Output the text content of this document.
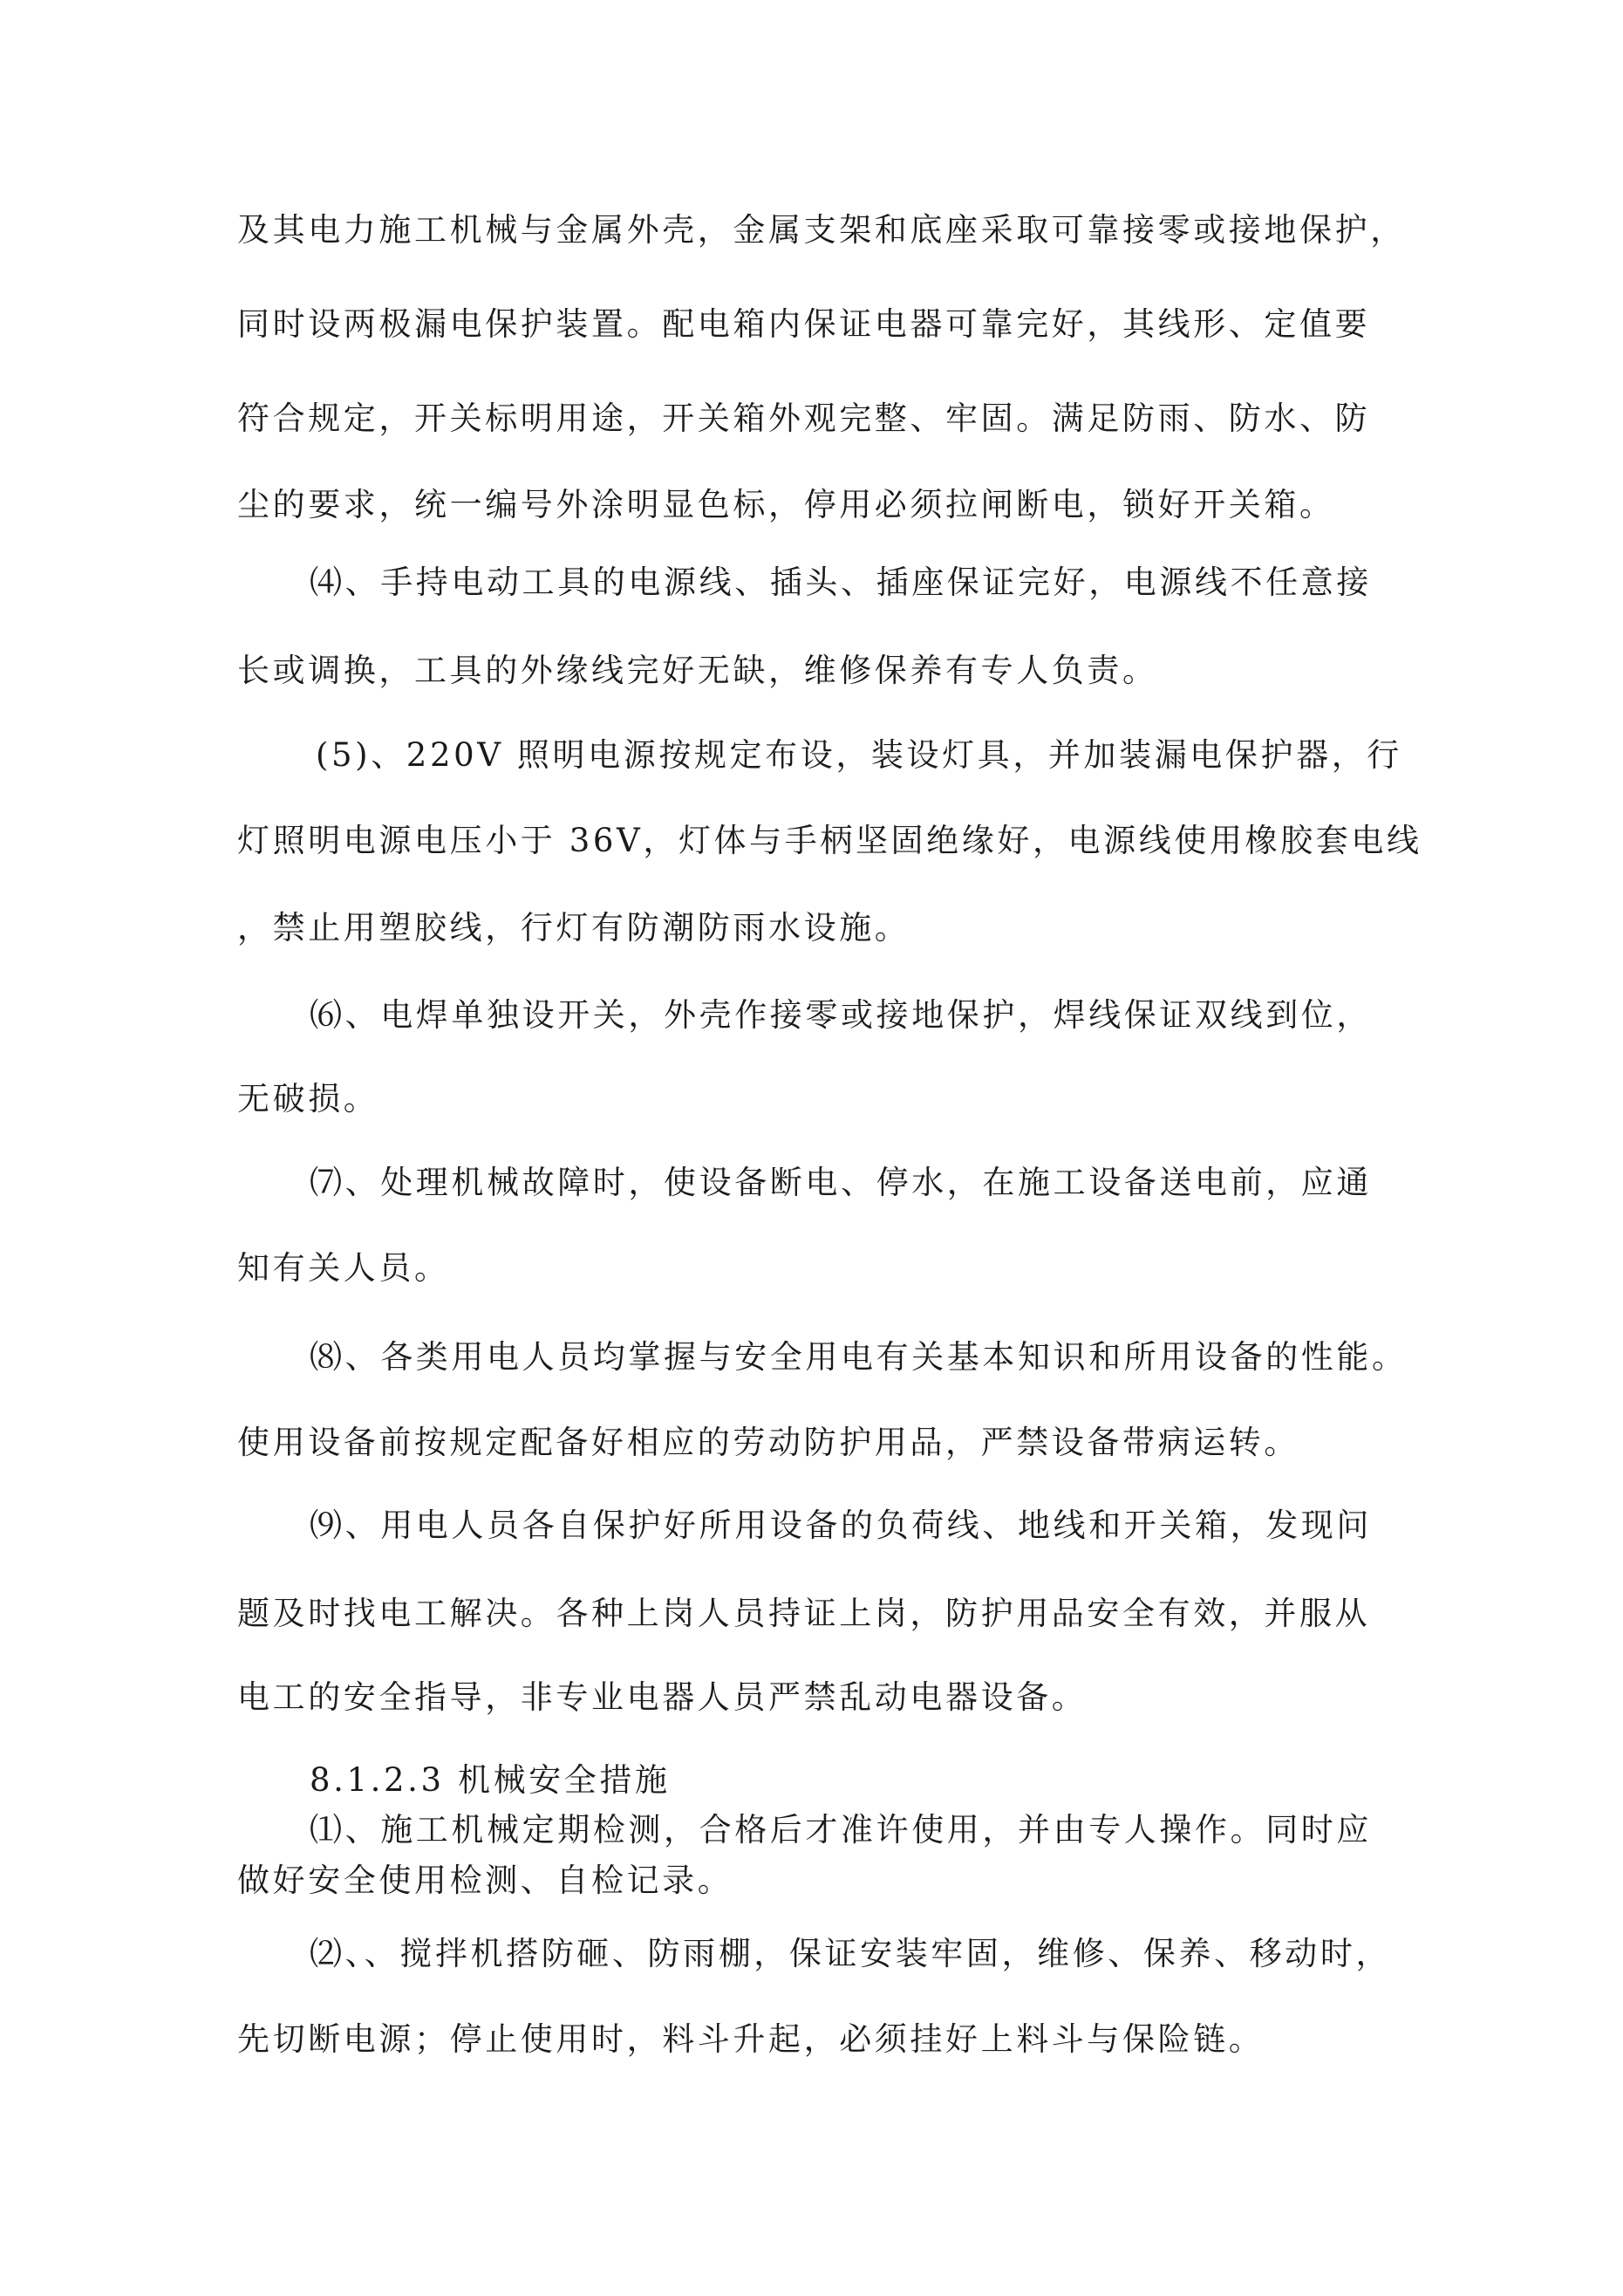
及其电力施工机械与金属外壳，金属支架和底座采取可靠接零或接地保护，
同时设两极漏电保护装置。配电箱内保证电器可靠完好，其线形、定值要
符合规定，开关标明用途，开关箱外观完整、牢固。满足防雨、防水、防
尘的要求，统一编号外涂明显色标，停用必须拉闸断电，锁好开关箱。
⑷、手持电动工具的电源线、插头、插座保证完好，电源线不任意接
长或调换，工具的外缘线完好无缺，维修保养有专人负责。
(5)、220V 照明电源按规定布设，装设灯具，并加装漏电保护器，行
灯照明电源电压小于 36V，灯体与手柄坚固绝缘好，电源线使用橡胶套电线
，禁止用塑胶线，行灯有防潮防雨水设施。
⑹、电焊单独设开关，外壳作接零或接地保护，焊线保证双线到位，
无破损。
⑺、处理机械故障时，使设备断电、停水，在施工设备送电前，应通
知有关人员。
⑻、各类用电人员均掌握与安全用电有关基本知识和所用设备的性能。
使用设备前按规定配备好相应的劳动防护用品，严禁设备带病运转。
⑼、用电人员各自保护好所用设备的负荷线、地线和开关箱，发现问
题及时找电工解决。各种上岗人员持证上岗，防护用品安全有效，并服从
电工的安全指导，非专业电器人员严禁乱动电器设备。
8.1.2.3 机械安全措施
⑴、施工机械定期检测，合格后才准许使用，并由专人操作。同时应
做好安全使用检测、自检记录。
⑵、、搅拌机搭防砸、防雨棚，保证安装牢固，维修、保养、移动时，
先切断电源；停止使用时，料斗升起，必须挂好上料斗与保险链。
